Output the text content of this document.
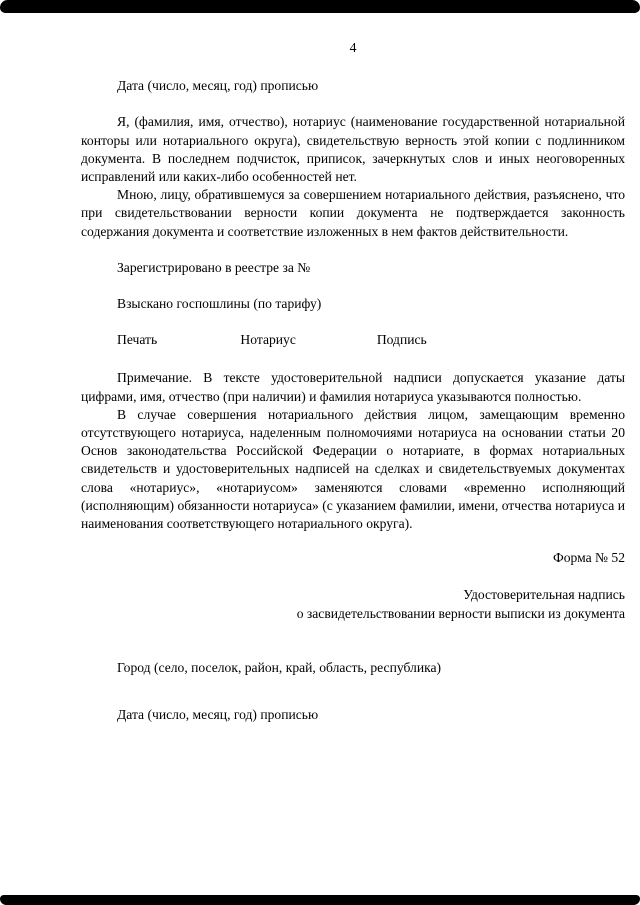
4
Дата (число, месяц, год) прописью

Я, (фамилия, имя, отчество), нотариус (наименование государственной нотариальной конторы или нотариального округа), свидетельствую верность этой копии с подлинником документа. В последнем подчисток, приписок, зачеркнутых слов и иных неоговоренных исправлений или каких-либо особенностей нет.

Мною, лицу, обратившемуся за совершением нотариального действия, разъяснено, что при свидетельствовании верности копии документа не подтверждается законность содержания документа и соответствие изложенных в нем фактов действительности.

Зарегистрировано в реестре за №
Взыскано госпошлины (по тарифу)
Печать	Нотариус	Подпись

Примечание. В тексте удостоверительной надписи допускается указание даты цифрами, имя, отчество (при наличии) и фамилия нотариуса указываются полностью.

В случае совершения нотариального действия лицом, замещающим временно отсутствующего нотариуса, наделенным полномочиями нотариуса на основании статьи 20 Основ законодательства Российской Федерации о нотариате, в формах нотариальных свидетельств и удостоверительных надписей на сделках и свидетельствуемых документах слова «нотариус», «нотариусом» заменяются словами «временно исполняющий (исполняющим) обязанности нотариуса» (с указанием фамилии, имени, отчества нотариуса и наименования соответствующего нотариального округа).

Форма № 52
Удостоверительная надпись
о засвидетельствовании верности выписки из документа
Город (село, поселок, район, край, область, республика)
Дата (число, месяц, год) прописью
